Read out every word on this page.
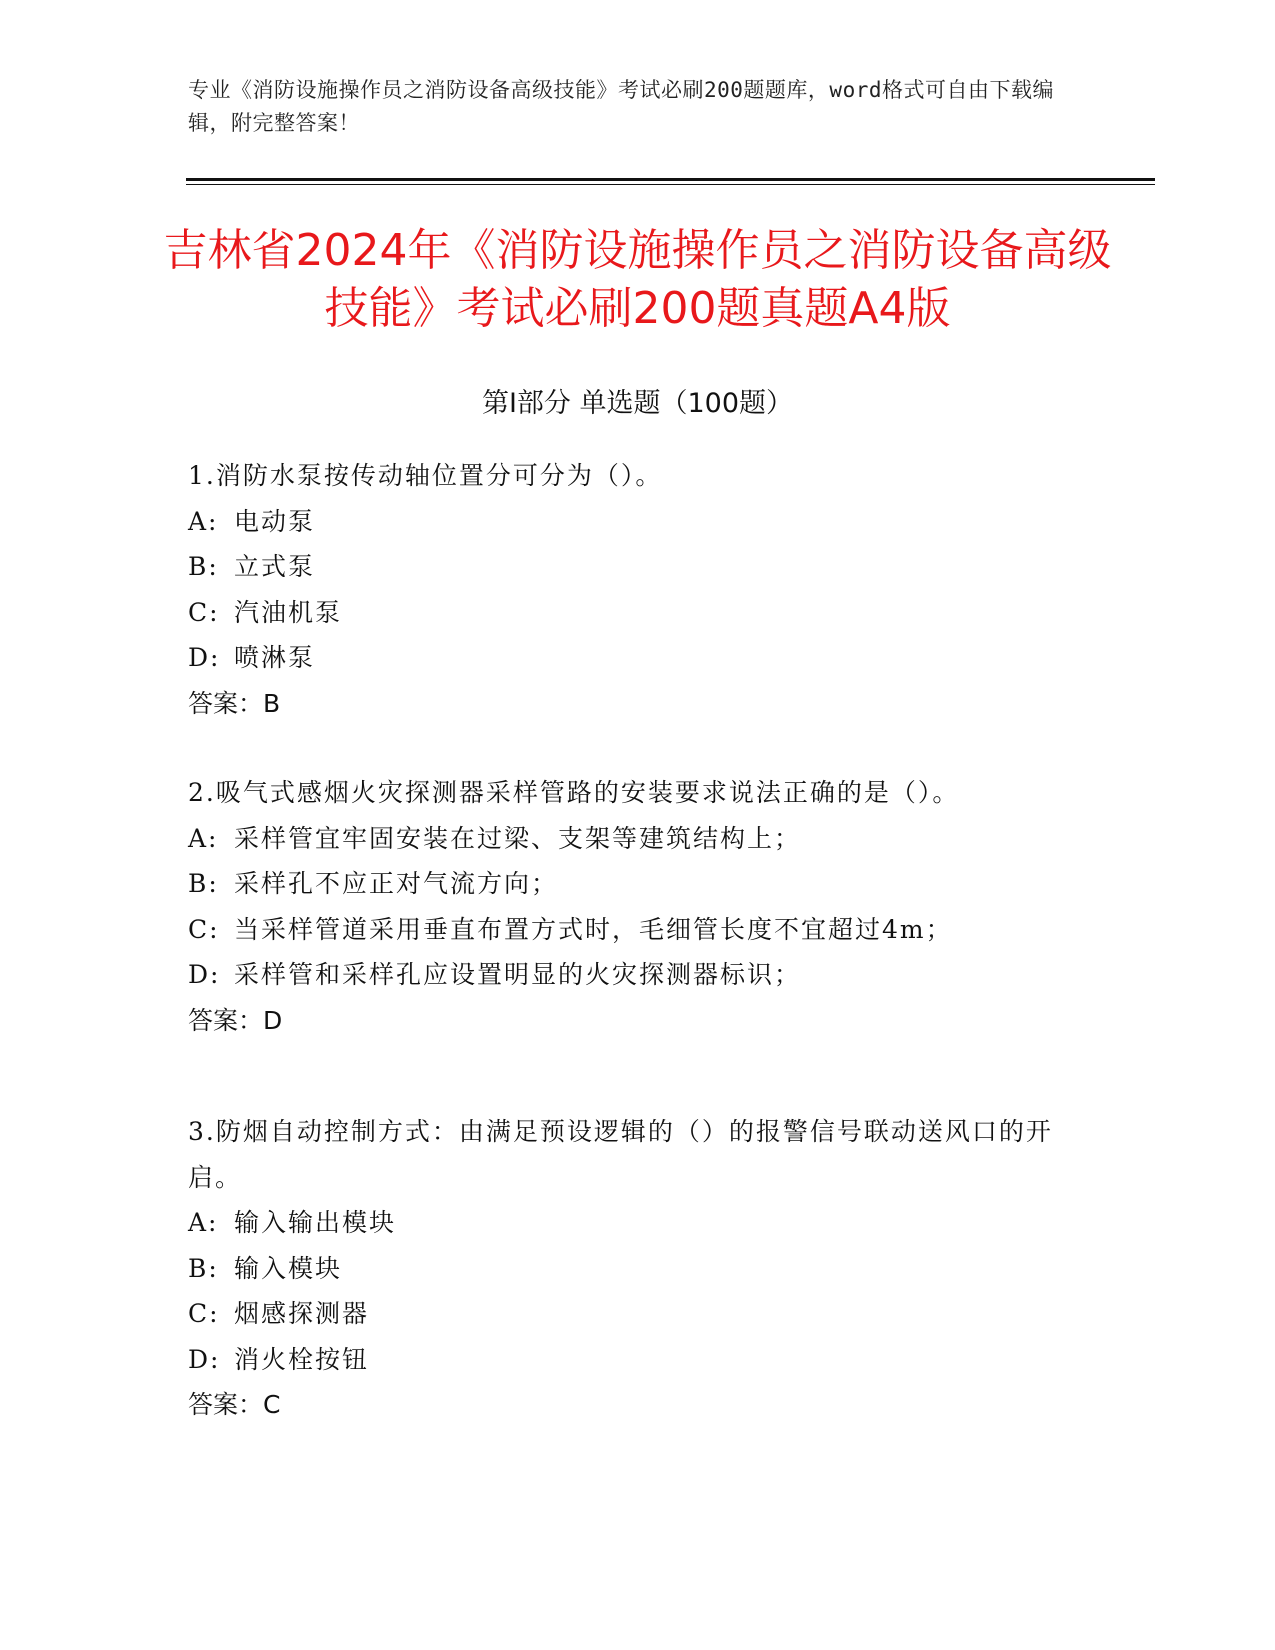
专业《消防设施操作员之消防设备高级技能》考试必刷200题题库，word格式可自由下载编辑，附完整答案！
吉林省2024年《消防设施操作员之消防设备高级技能》考试必刷200题真题A4版
第I部分 单选题（100题）

1.消防水泵按传动轴位置分可分为（）。

A: 电动泵

B: 立式泵

C: 汽油机泵

D: 喷淋泵

答案：B

2.吸气式感烟火灾探测器采样管路的安装要求说法正确的是（）。

A: 采样管宜牢固安装在过梁、支架等建筑结构上；

B: 采样孔不应正对气流方向；

C: 当采样管道采用垂直布置方式时，毛细管长度不宜超过4m；

D: 采样管和采样孔应设置明显的火灾探测器标识；

答案：D

3.防烟自动控制方式：由满足预设逻辑的（）的报警信号联动送风口的开启。

A: 输入输出模块

B: 输入模块

C: 烟感探测器

D: 消火栓按钮

答案：C
